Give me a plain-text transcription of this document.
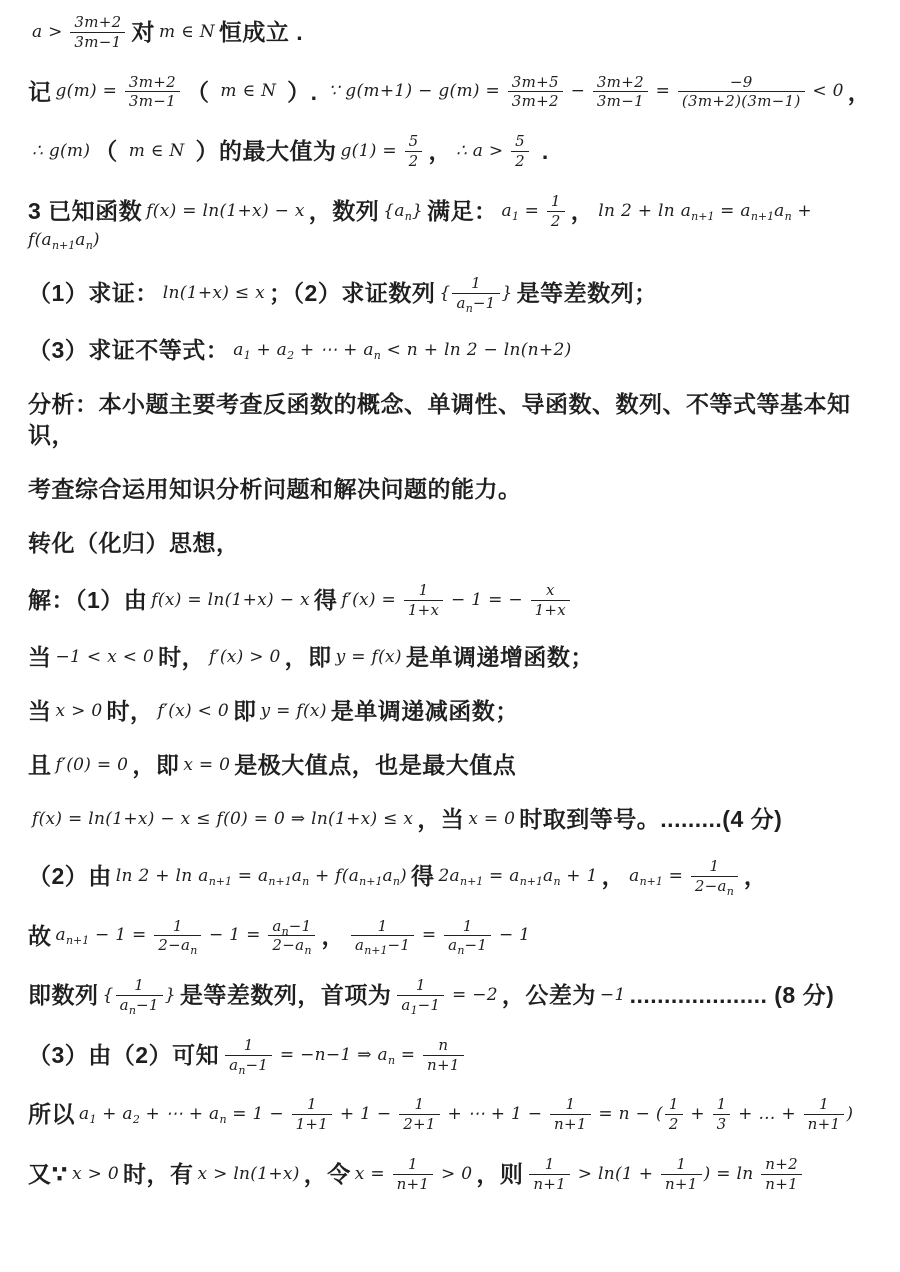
$a > \frac{3m+2}{3m-1}$ 对 m ∈ N 恒成立 .
记 $g(m) = \frac{3m+2}{3m-1}$ （ m ∈ N ）. ∵ $g(m+1) - g(m) = \frac{3m+5}{3m+2} - \frac{3m+2}{3m-1} = \frac{-9}{(3m+2)(3m-1)} < 0$ ，
∴ g(m) （ m ∈ N ）的最大值为 $g(1) = \frac{5}{2}$ ， ∴ $a > \frac{5}{2}$ .
3 已知函数 f(x) = ln(1+x) − x ，数列 $\{a_n\}$ 满足： $a_1 = \frac{1}{2}$ ， $\ln 2 + \ln a_{n+1} = a_{n+1}a_n + f(a_{n+1}a_n)$
（1）求证： ln(1+x) ≤ x ；（2）求证数列 { $\frac{1}{a_n-1}$ } 是等差数列；
（3）求证不等式： $a_1 + a_2$ + ⋯ + $a_n < n + \ln 2 - \ln(n+2)$
分析：本小题主要考查反函数的概念、单调性、导函数、数列、不等式等基本知识，
考查综合运用知识分析问题和解决问题的能力。
转化（化归）思想，
解：（1）由 f(x) = ln(1+x) − x 得 $f'(x) = \frac{1}{1+x} - 1$ = − $\frac{x}{1+x}$
当 −1 < x < 0 时， f′(x) > 0 ，即 y = f(x) 是单调递增函数；
当 x > 0 时， f′(x) < 0 即 y = f(x) 是单调递减函数；
且 f′(0) = 0 ，即 x = 0 是极大值点，也是最大值点
f(x) = ln(1+x) − x ≤ f(0) = 0 ⇒ ln(1+x) ≤ x ，当 x = 0 时取到等号。.........(4 分)
（2）由 $\ln 2 + \ln a_{n+1} = a_{n+1}a_n + f(a_{n+1}a_n)$ 得 $2a_{n+1} = a_{n+1}a_n + 1$ ， $a_{n+1} = \frac{1}{2-a_n}$ ，
故 $a_{n+1} - 1 = \frac{1}{2-a_n} - 1 = \frac{a_n-1}{2-a_n}$ ， $\frac{1}{a_{n+1}-1} = \frac{1}{a_n-1} - 1$
即数列 { $\frac{1}{a_n-1}$ } 是等差数列，首项为 $\frac{1}{a_1-1} = -2$ ，公差为 −1 .................... (8 分)
（3）由（2）可知 $\frac{1}{a_n-1} = -n-1$ ⇒ $a_n = \frac{n}{n+1}$
所以 $a_1 + a_2$ + ⋯ + $a_n = 1 - \frac{1}{1+1} + 1 - \frac{1}{2+1}$ + ⋯ + $1 - \frac{1}{n+1} = n$ − ( $\frac{1}{2} + \frac{1}{3}$ + … + $\frac{1}{n+1}$ )
又∵ x > 0 时，有 x > ln(1+x) ，令 $x = \frac{1}{n+1} > 0$ ，则 $\frac{1}{n+1} > \ln(1 + \frac{1}{n+1}$ ) = $\ln \frac{n+2}{n+1}$
